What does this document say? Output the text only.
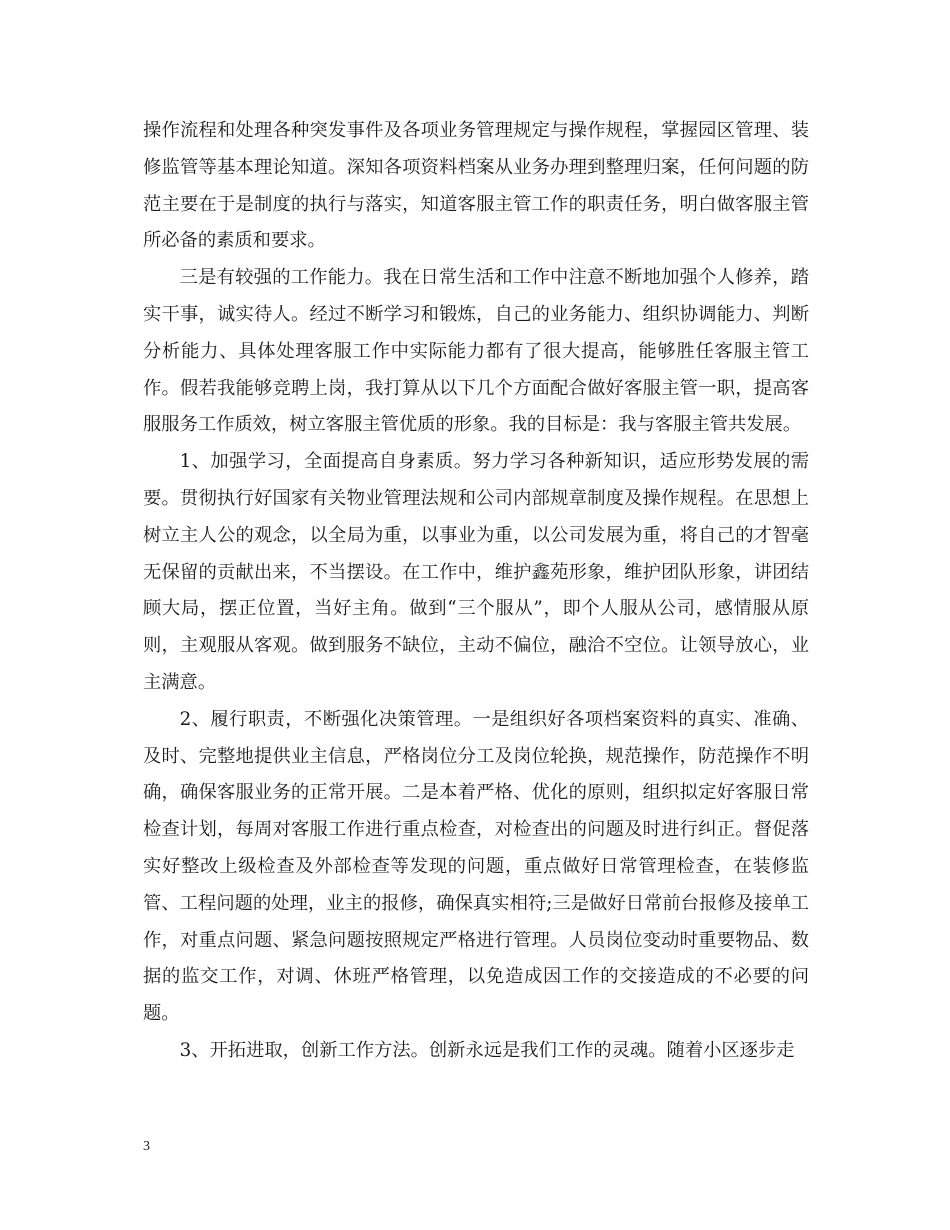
操作流程和处理各种突发事件及各项业务管理规定与操作规程，掌握园区管理、装修监管等基本理论知道。深知各项资料档案从业务办理到整理归案，任何问题的防范主要在于是制度的执行与落实，知道客服主管工作的职责任务，明白做客服主管所必备的素质和要求。

三是有较强的工作能力。我在日常生活和工作中注意不断地加强个人修养，踏实干事，诚实待人。经过不断学习和锻炼，自己的业务能力、组织协调能力、判断分析能力、具体处理客服工作中实际能力都有了很大提高，能够胜任客服主管工作。假若我能够竞聘上岗，我打算从以下几个方面配合做好客服主管一职，提高客服服务工作质效，树立客服主管优质的形象。我的目标是：我与客服主管共发展。

1、加强学习，全面提高自身素质。努力学习各种新知识，适应形势发展的需要。贯彻执行好国家有关物业管理法规和公司内部规章制度及操作规程。在思想上树立主人公的观念，以全局为重，以事业为重，以公司发展为重，将自己的才智毫无保留的贡献出来，不当摆设。在工作中，维护鑫苑形象，维护团队形象，讲团结顾大局，摆正位置，当好主角。做到“三个服从”，即个人服从公司，感情服从原则，主观服从客观。做到服务不缺位，主动不偏位，融洽不空位。让领导放心，业主满意。

2、履行职责，不断强化决策管理。一是组织好各项档案资料的真实、准确、及时、完整地提供业主信息，严格岗位分工及岗位轮换，规范操作，防范操作不明确，确保客服业务的正常开展。二是本着严格、优化的原则，组织拟定好客服日常检查计划，每周对客服工作进行重点检查，对检查出的问题及时进行纠正。督促落实好整改上级检查及外部检查等发现的问题，重点做好日常管理检查，在装修监管、工程问题的处理，业主的报修，确保真实相符;三是做好日常前台报修及接单工作，对重点问题、紧急问题按照规定严格进行管理。人员岗位变动时重要物品、数据的监交工作，对调、休班严格管理，以免造成因工作的交接造成的不必要的问题。

3、开拓进取，创新工作方法。创新永远是我们工作的灵魂。随着小区逐步走

3
